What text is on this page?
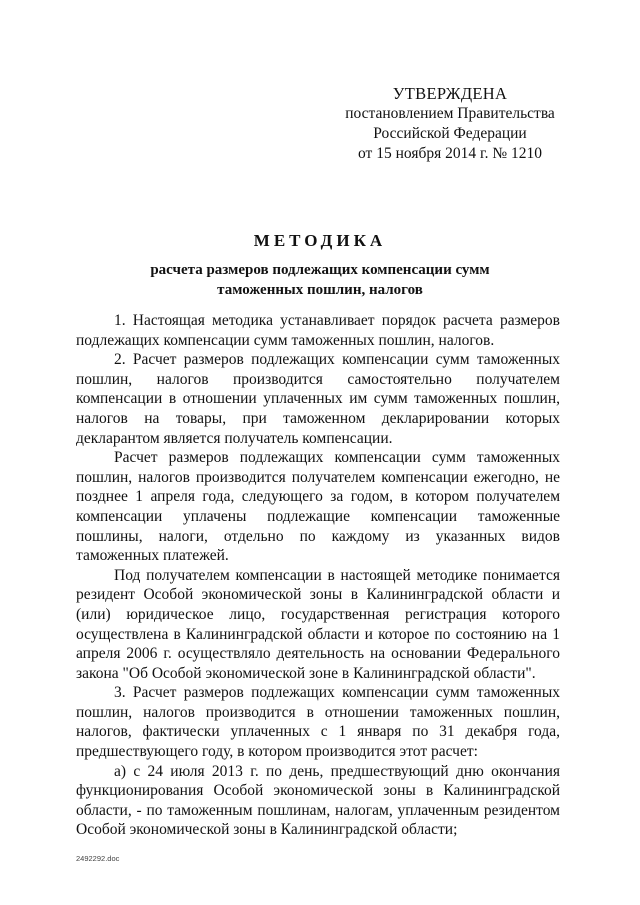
УТВЕРЖДЕНА
постановлением Правительства
Российской Федерации
от 15 ноября 2014 г. № 1210
МЕТОДИКА
расчета размеров подлежащих компенсации сумм таможенных пошлин, налогов

1. Настоящая методика устанавливает порядок расчета размеров подлежащих компенсации сумм таможенных пошлин, налогов.

2. Расчет размеров подлежащих компенсации сумм таможенных пошлин, налогов производится самостоятельно получателем компенсации в отношении уплаченных им сумм таможенных пошлин, налогов на товары, при таможенном декларировании которых декларантом является получатель компенсации.

Расчет размеров подлежащих компенсации сумм таможенных пошлин, налогов производится получателем компенсации ежегодно, не позднее 1 апреля года, следующего за годом, в котором получателем компенсации уплачены подлежащие компенсации таможенные пошлины, налоги, отдельно по каждому из указанных видов таможенных платежей.

Под получателем компенсации в настоящей методике понимается резидент Особой экономической зоны в Калининградской области и (или) юридическое лицо, государственная регистрация которого осуществлена в Калининградской области и которое по состоянию на 1 апреля 2006 г. осуществляло деятельность на основании Федерального закона "Об Особой экономической зоне в Калининградской области".

3. Расчет размеров подлежащих компенсации сумм таможенных пошлин, налогов производится в отношении таможенных пошлин, налогов, фактически уплаченных с 1 января по 31 декабря года, предшествующего году, в котором производится этот расчет:

а) с 24 июля 2013 г. по день, предшествующий дню окончания функционирования Особой экономической зоны в Калининградской области, - по таможенным пошлинам, налогам, уплаченным резидентом Особой экономической зоны в Калининградской области;

2492292.doc
